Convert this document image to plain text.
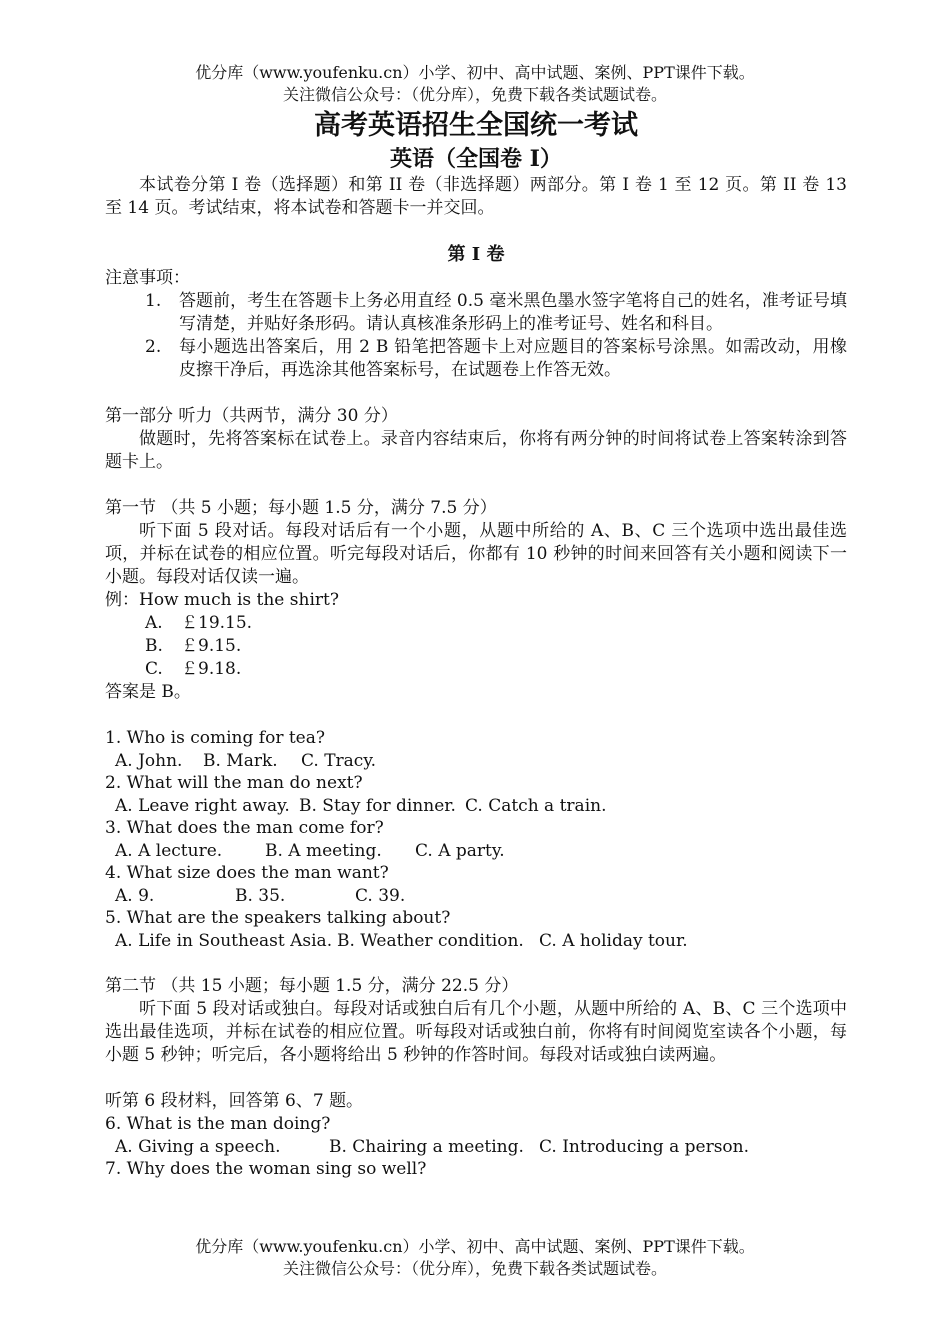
优分库（www.youfenku.cn）小学、初中、高中试题、案例、PPT课件下载。
关注微信公众号：（优分库），免费下载各类试题试卷。

高考英语招生全国统一考试

英语（全国卷 I）

本试卷分第 I 卷（选择题）和第 II 卷（非选择题）两部分。第 I 卷 1 至 12 页。第 II 卷 13 至 14 页。考试结束，将本试卷和答题卡一并交回。

第 I 卷

注意事项：

1.	答题前，考生在答题卡上务必用直经 0.5 毫米黑色墨水签字笔将自己的姓名，准考证号填写清楚，并贴好条形码。请认真核准条形码上的准考证号、姓名和科目。
2.	每小题选出答案后，用 2 B 铅笔把答题卡上对应题目的答案标号涂黑。如需改动，用橡皮擦干净后，再选涂其他答案标号，在试题卷上作答无效。

第一部分 听力（共两节，满分 30 分）

做题时，先将答案标在试卷上。录音内容结束后，你将有两分钟的时间将试卷上答案转涂到答题卡上。

第一节 （共 5 小题；每小题 1.5 分，满分 7.5 分）

听下面 5 段对话。每段对话后有一个小题，从题中所给的 A、B、C 三个选项中选出最佳选项，并标在试卷的相应位置。听完每段对话后，你都有 10 秒钟的时间来回答有关小题和阅读下一小题。每段对话仅读一遍。

例：How much is the shirt?

A. ￡19.15.
B. ￡9.15.
C. ￡9.18.

答案是 B。

1. Who is coming for tea?

A. John. B. Mark. C. Tracy.

2. What will the man do next?

A. Leave right away. B. Stay for dinner. C. Catch a train.

3. What does the man come for?

A. A lecture.	B. A meeting. C. A party.

4. What size does the man want?

A. 9.	B. 35.	C. 39.

5. What are the speakers talking about?

A. Life in Southeast Asia. B. Weather condition. C. A holiday tour.

第二节 （共 15 小题；每小题 1.5 分，满分 22.5 分）

听下面 5 段对话或独白。每段对话或独白后有几个小题，从题中所给的 A、B、C 三个选项中选出最佳选项，并标在试卷的相应位置。听每段对话或独白前，你将有时间阅览室读各个小题，每小题 5 秒钟；听完后，各小题将给出 5 秒钟的作答时间。每段对话或独白读两遍。

听第 6 段材料，回答第 6、7 题。

6. What is the man doing?

A. Giving a speech.	B. Chairing a meeting. C. Introducing a person.

7. Why does the woman sing so well?

优分库（www.youfenku.cn）小学、初中、高中试题、案例、PPT课件下载。
关注微信公众号：（优分库），免费下载各类试题试卷。
